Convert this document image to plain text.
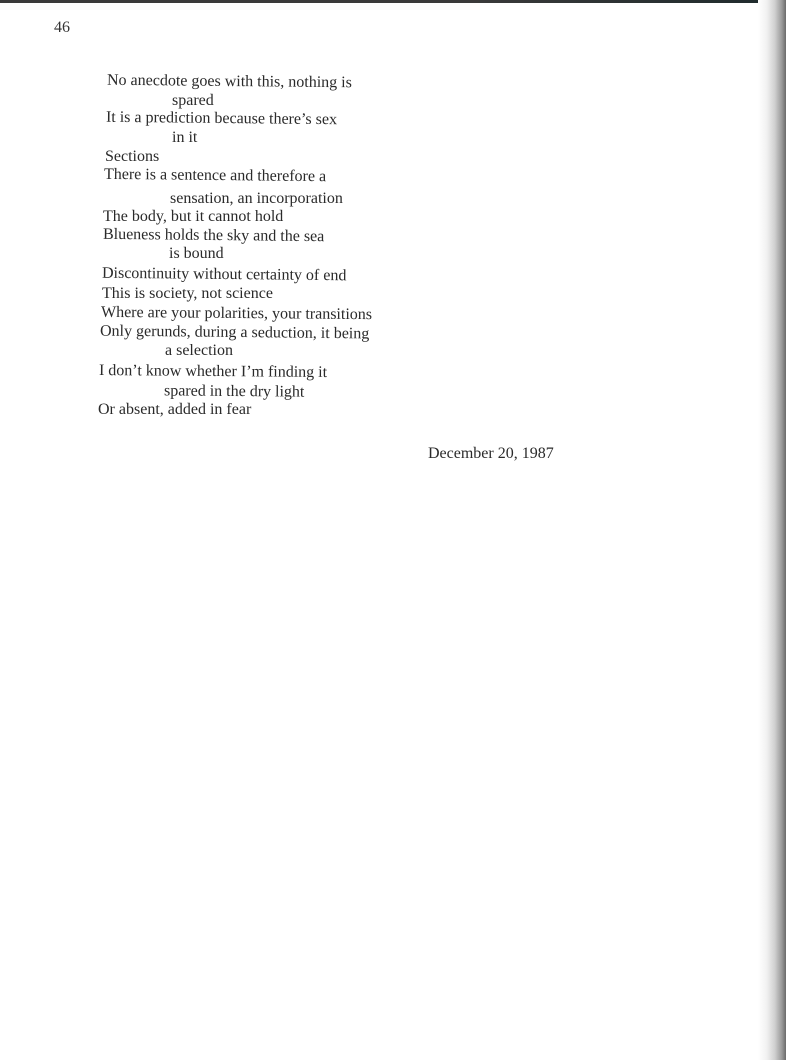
46
No anecdote goes with this, nothing is
spared
It is a prediction because there’s sex
in it
Sections
There is a sentence and therefore a
sensation, an incorporation
The body, but it cannot hold
Blueness holds the sky and the sea
is bound
Discontinuity without certainty of end
This is society, not science
Where are your polarities, your transitions
Only gerunds, during a seduction, it being
a selection
I don’t know whether I’m finding it
spared in the dry light
Or absent, added in fear
December 20, 1987
